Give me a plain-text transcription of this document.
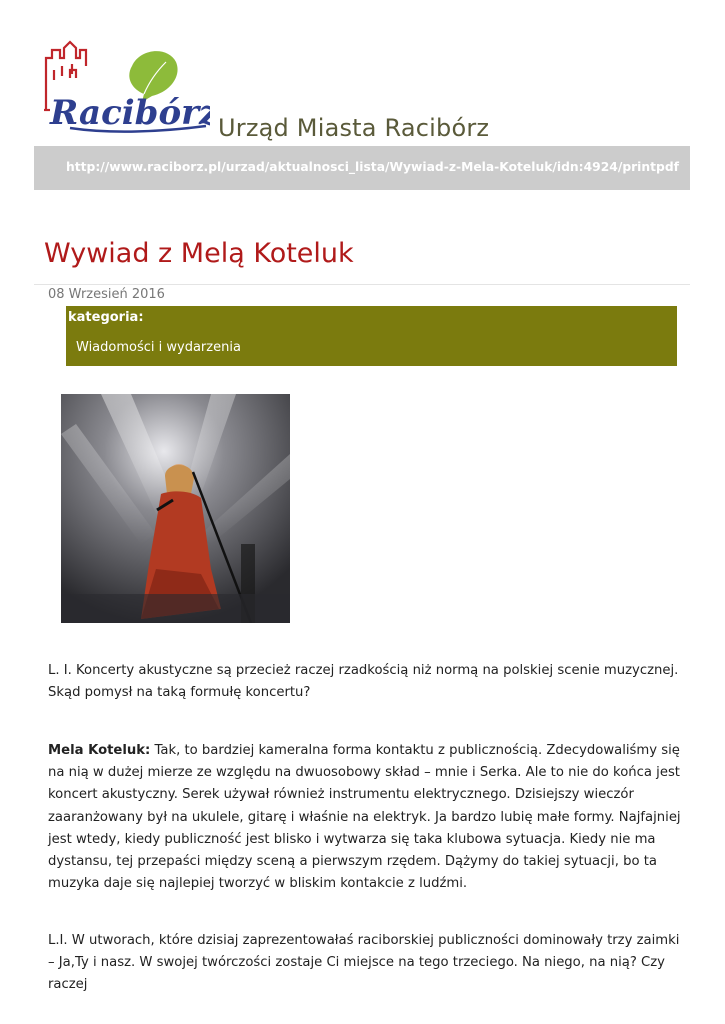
Racibórz Urząd Miasta Racibórz
http://www.raciborz.pl/urzad/aktualnosci_lista/Wywiad-z-Mela-Koteluk/idn:4924/printpdf
Wywiad z Melą Koteluk
08 Wrzesień 2016
kategoria:
Wiadomości i wydarzenia

L. I. Koncerty akustyczne są przecież raczej rzadkością niż normą na polskiej scenie muzycznej. Skąd pomysł na taką formułę koncertu?

Mela Koteluk: Tak, to bardziej kameralna forma kontaktu z publicznością. Zdecydowaliśmy się na nią w dużej mierze ze względu na dwuosobowy skład – mnie i Serka. Ale to nie do końca jest koncert akustyczny. Serek używał również instrumentu elektrycznego. Dzisiejszy wieczór zaaranżowany był na ukulele, gitarę i właśnie na elektryk. Ja bardzo lubię małe formy. Najfajniej jest wtedy, kiedy publiczność jest blisko i wytwarza się taka klubowa sytuacja. Kiedy nie ma dystansu, tej przepaści między sceną a pierwszym rzędem. Dążymy do takiej sytuacji, bo ta muzyka daje się najlepiej tworzyć w bliskim kontakcie z ludźmi.

L.I. W utworach, które dzisiaj zaprezentowałaś raciborskiej publiczności dominowały trzy zaimki – Ja,Ty i nasz. W swojej twórczości zostaje Ci miejsce na tego trzeciego. Na niego, na nią? Czy raczej
